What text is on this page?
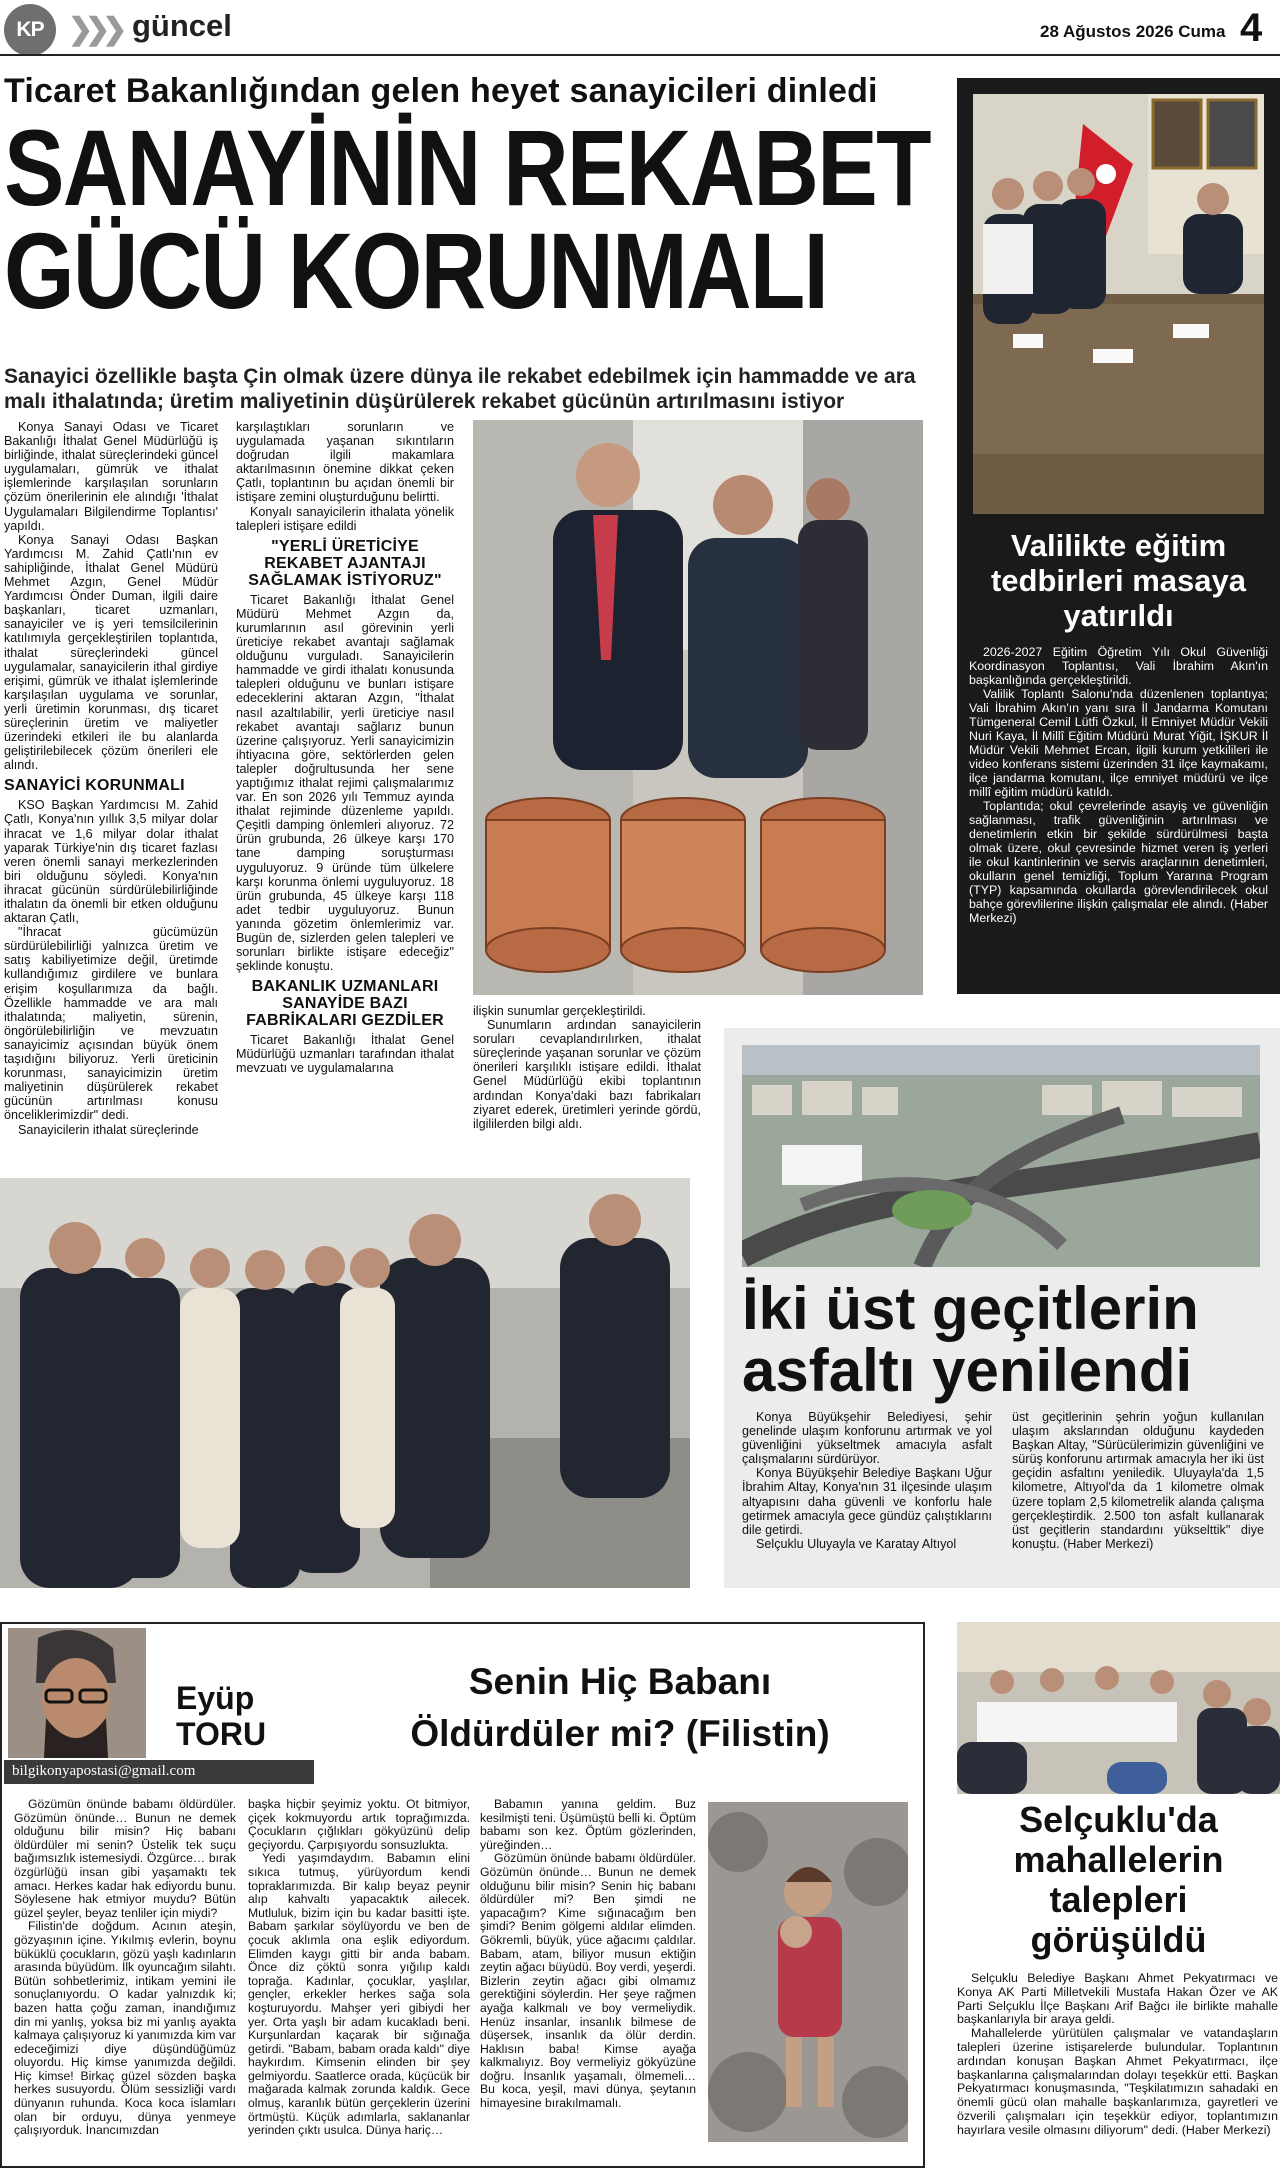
KP ❯❯❯ güncel	28 Ağustos 2026 Cuma 4
Ticaret Bakanlığından gelen heyet sanayicileri dinledi
SANAYİNİN REKABET
GÜCÜ KORUNMALI
Sanayici özellikle başta Çin olmak üzere dünya ile rekabet edebilmek için hammadde ve ara malı ithalatında; üretim maliyetinin düşürülerek rekabet gücünün artırılmasını istiyor

Konya Sanayi Odası ve Ticaret Bakanlığı İthalat Genel Müdürlüğü iş birliğinde, ithalat süreçlerindeki güncel uygulamaları, gümrük ve ithalat işlemlerinde karşılaşılan sorunların çözüm önerilerinin ele alındığı 'İthalat Uygulamaları Bilgilendirme Toplantısı' yapıldı.

Konya Sanayi Odası Başkan Yardımcısı M. Zahid Çatlı'nın ev sahipliğinde, İthalat Genel Müdürü Mehmet Azgın, Genel Müdür Yardımcısı Önder Duman, ilgili daire başkanları, ticaret uzmanları, sanayiciler ve iş yeri temsilcilerinin katılımıyla gerçekleştirilen toplantıda, ithalat süreçlerindeki güncel uygulamalar, sanayicilerin ithal girdiye erişimi, gümrük ve ithalat işlemlerinde karşılaşılan uygulama ve sorunlar, yerli üretimin korunması, dış ticaret süreçlerinin üretim ve maliyetler üzerindeki etkileri ile bu alanlarda geliştirilebilecek çözüm önerileri ele alındı.

SANAYİCİ KORUNMALI

KSO Başkan Yardımcısı M. Zahid Çatlı, Konya'nın yıllık 3,5 milyar dolar ihracat ve 1,6 milyar dolar ithalat yaparak Türkiye'nin dış ticaret fazlası veren önemli sanayi merkezlerinden biri olduğunu söyledi. Konya'nın ihracat gücünün sürdürülebilirliğinde ithalatın da önemli bir etken olduğunu aktaran Çatlı,

"İhracat gücümüzün sürdürülebilirliği yalnızca üretim ve satış kabiliyetimize değil, üretimde kullandığımız girdilere ve bunlara erişim koşullarımıza da bağlı. Özellikle hammadde ve ara malı ithalatında; maliyetin, sürenin, öngörülebilirliğin ve mevzuatın sanayicimiz açısından büyük önem taşıdığını biliyoruz. Yerli üreticinin korunması, sanayicimizin üretim maliyetinin düşürülerek rekabet gücünün artırılması konusu önceliklerimizdir" dedi.

Sanayicilerin ithalat süreçlerinde

karşılaştıkları sorunların ve uygulamada yaşanan sıkıntıların doğrudan ilgili makamlara aktarılmasının önemine dikkat çeken Çatlı, toplantının bu açıdan önemli bir istişare zemini oluşturduğunu belirtti.

Konyalı sanayicilerin ithalata yönelik talepleri istişare edildi

"YERLİ ÜRETİCİYE REKABET AJANTAJI SAĞLAMAK İSTİYORUZ"

Ticaret Bakanlığı İthalat Genel Müdürü Mehmet Azgın da, kurumlarının asıl görevinin yerli üreticiye rekabet avantajı sağlamak olduğunu vurguladı. Sanayicilerin hammadde ve girdi ithalatı konusunda talepleri olduğunu ve bunları istişare edeceklerini aktaran Azgın, "İthalat nasıl azaltılabilir, yerli üreticiye nasıl rekabet avantajı sağlarız bunun üzerine çalışıyoruz. Yerli sanayicimizin ihtiyacına göre, sektörlerden gelen talepler doğrultusunda her sene yaptığımız ithalat rejimi çalışmalarımız var. En son 2026 yılı Temmuz ayında ithalat rejiminde düzenleme yapıldı. Çeşitli damping önlemleri alıyoruz. 72 ürün grubunda, 26 ülkeye karşı 170 tane damping soruşturması uyguluyoruz. 9 üründe tüm ülkelere karşı korunma önlemi uyguluyoruz. 18 ürün grubunda, 45 ülkeye karşı 118 adet tedbir uyguluyoruz. Bunun yanında gözetim önlemlerimiz var. Bugün de, sizlerden gelen talepleri ve sorunları birlikte istişare edeceğiz" şeklinde konuştu.

BAKANLIK UZMANLARI SANAYİDE BAZI FABRİKALARI GEZDİLER

Ticaret Bakanlığı İthalat Genel Müdürlüğü uzmanları tarafından ithalat mevzuatı ve uygulamalarına

ilişkin sunumlar gerçekleştirildi.

Sunumların ardından sanayicilerin soruları cevaplandırılırken, ithalat süreçlerinde yaşanan sorunlar ve çözüm önerileri karşılıklı istişare edildi. İthalat Genel Müdürlüğü ekibi toplantının ardından Konya'daki bazı fabrikaları ziyaret ederek, üretimleri yerinde gördü, ilgililerden bilgi aldı.

Valilikte eğitim tedbirleri masaya yatırıldı

2026-2027 Eğitim Öğretim Yılı Okul Güvenliği Koordinasyon Toplantısı, Vali İbrahim Akın'ın başkanlığında gerçekleştirildi.

Valilik Toplantı Salonu'nda düzenlenen toplantıya; Vali İbrahim Akın'ın yanı sıra İl Jandarma Komutanı Tümgeneral Cemil Lütfi Özkul, İl Emniyet Müdür Vekili Nuri Kaya, İl Millî Eğitim Müdürü Murat Yiğit, İŞKUR İl Müdür Vekili Mehmet Ercan, ilgili kurum yetkilileri ile video konferans sistemi üzerinden 31 ilçe kaymakamı, ilçe jandarma komutanı, ilçe emniyet müdürü ve ilçe millî eğitim müdürü katıldı.

Toplantıda; okul çevrelerinde asayiş ve güvenliğin sağlanması, trafik güvenliğinin artırılması ve denetimlerin etkin bir şekilde sürdürülmesi başta olmak üzere, okul çevresinde hizmet veren iş yerleri ile okul kantinlerinin ve servis araçlarının denetimleri, okulların genel temizliği, Toplum Yararına Program (TYP) kapsamında okullarda görevlendirilecek okul bahçe görevlilerine ilişkin çalışmalar ele alındı. (Haber Merkezi)

İki üst geçitlerin asfaltı yenilendi

Konya Büyükşehir Belediyesi, şehir genelinde ulaşım konforunu artırmak ve yol güvenliğini yükseltmek amacıyla asfalt çalışmalarını sürdürüyor.

Konya Büyükşehir Belediye Başkanı Uğur İbrahim Altay, Konya'nın 31 ilçesinde ulaşım altyapısını daha güvenli ve konforlu hale getirmek amacıyla gece gündüz çalıştıklarını dile getirdi.

Selçuklu Uluyayla ve Karatay Altıyol

üst geçitlerinin şehrin yoğun kullanılan ulaşım akslarından olduğunu kaydeden Başkan Altay, "Sürücülerimizin güvenliğini ve sürüş konforunu artırmak amacıyla her iki üst geçidin asfaltını yeniledik. Uluyayla'da 1,5 kilometre, Altıyol'da da 1 kilometre olmak üzere toplam 2,5 kilometrelik alanda çalışma gerçekleştirdik. 2.500 ton asfalt kullanarak üst geçitlerin standardını yükselttik" diye konuştu. (Haber Merkezi)

Eyüp
TORU
bilgikonyapostasi@gmail.com
Senin Hiç Babanı
Öldürdüler mi? (Filistin)

Gözümün önünde babamı öldürdüler. Gözümün önünde… Bunun ne demek olduğunu bilir misin? Hiç babanı öldürdüler mi senin? Üstelik tek suçu bağımsızlık istemesiydi. Özgürce… bırak özgürlüğü insan gibi yaşamaktı tek amacı. Herkes kadar hak ediyordu bunu. Söylesene hak etmiyor muydu? Bütün güzel şeyler, beyaz tenliler için miydi?

Filistin'de doğdum. Acının ateşin, gözyaşının içine. Yıkılmış evlerin, boynu büküklü çocukların, gözü yaşlı kadınların arasında büyüdüm. İlk oyuncağım silahtı. Bütün sohbetlerimiz, intikam yemini ile sonuçlanıyordu. O kadar yalnızdık ki; bazen hatta çoğu zaman, inandığımız din mi yanlış, yoksa biz mi yanlış ayakta kalmaya çalışıyoruz ki yanımızda kim var edeceğimizi diye düşündüğümüz oluyordu. Hiç kimse yanımızda değildi. Hiç kimse! Birkaç güzel sözden başka herkes susuyordu. Ölüm sessizliği vardı dünyanın ruhunda. Koca koca islamları olan bir orduyu, dünya yenmeye çalışıyorduk. İnancımızdan

başka hiçbir şeyimiz yoktu. Ot bitmiyor, çiçek kokmuyordu artık toprağımızda. Çocukların çığlıkları gökyüzünü delip geçiyordu. Çarpışıyordu sonsuzlukta.

Yedi yaşımdaydım. Babamın elini sıkıca tutmuş, yürüyordum kendi topraklarımızda. Bir kalıp beyaz peynir alıp kahvaltı yapacaktık ailecek. Mutluluk, bizim için bu kadar basitti işte. Babam şarkılar söylüyordu ve ben de çocuk aklımla ona eşlik ediyordum. Elimden kaygı gitti bir anda babam. Önce diz çöktü sonra yığılıp kaldı toprağa. Kadınlar, çocuklar, yaşlılar, gençler, erkekler herkes sağa sola koşturuyordu. Mahşer yeri gibiydi her yer. Orta yaşlı bir adam kucakladı beni. Kurşunlardan kaçarak bir sığınağa getirdi. "Babam, babam orada kaldı" diye haykırdım. Kimsenin elinden bir şey gelmiyordu. Saatlerce orada, küçücük bir mağarada kalmak zorunda kaldık. Gece olmuş, karanlık bütün gerçeklerin üzerini örtmüştü. Küçük adımlarla, saklananlar yerinden çıktı usulca. Dünya hariç…

Babamın yanına geldim. Buz kesilmişti teni. Üşümüştü belli ki. Öptüm babamı son kez. Öptüm gözlerinden, yüreğinden…

Gözümün önünde babamı öldürdüler. Gözümün önünde… Bunun ne demek olduğunu bilir misin? Senin hiç babanı öldürdüler mi? Ben şimdi ne yapacağım? Kime sığınacağım ben şimdi? Benim gölgemi aldılar elimden. Gökremli, büyük, yüce ağacımı çaldılar. Babam, atam, biliyor musun ektiğin zeytin ağacı büyüdü. Boy verdi, yeşerdi. Bizlerin zeytin ağacı gibi olmamız gerektiğini söylerdin. Her şeye rağmen ayağa kalkmalı ve boy vermeliydik. Henüz insanlar, insanlık bilmese de düşersek, insanlık da ölür derdin. Haklısın baba! Kimse ayağa kalkmalıyız. Boy vermeliyiz gökyüzüne doğru. İnsanlık yaşamalı, ölmemeli… Bu koca, yeşil, mavi dünya, şeytanın himayesine bırakılmamalı.

Selçuklu'da mahallelerin talepleri görüşüldü

Selçuklu Belediye Başkanı Ahmet Pekyatırmacı ve Konya AK Parti Milletvekili Mustafa Hakan Özer ve AK Parti Selçuklu İlçe Başkanı Arif Bağcı ile birlikte mahalle başkanlarıyla bir araya geldi.

Mahallelerde yürütülen çalışmalar ve vatandaşların talepleri üzerine istişarelerde bulundular. Toplantının ardından konuşan Başkan Ahmet Pekyatırmacı, ilçe başkanlarına çalışmalarından dolayı teşekkür etti. Başkan Pekyatırmacı konuşmasında, "Teşkilatımızın sahadaki en önemli gücü olan mahalle başkanlarımıza, gayretleri ve özverili çalışmaları için teşekkür ediyor, toplantımızın hayırlara vesile olmasını diliyorum" dedi. (Haber Merkezi)
